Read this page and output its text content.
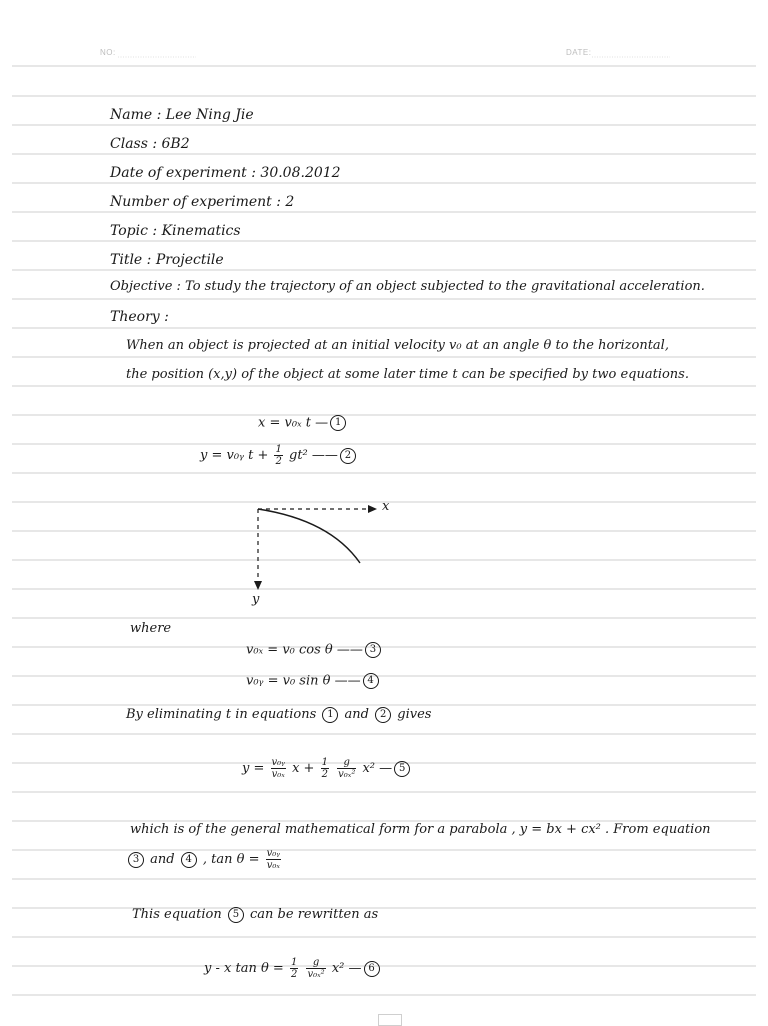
NO:	DATE:
Name : Lee Ning Jie
Class : 6B2
Date of experiment : 30.08.2012
Number of experiment : 2
Topic : Kinematics
Title : Projectile
Objective : To study the trajectory of an object subjected to the gravitational acceleration.
Theory :
When an object is projected at an initial velocity v₀ at an angle θ to the horizontal,
the position (x,y) of the object at some later time t can be specified by two equations.
x = v₀ₓ t — 1
y = v₀ᵧ $t + \frac{1}{2} gt^2$ —— 2
x
y
where
v₀ₓ = v₀ cos θ —— 3
v₀ᵧ = v₀ sin θ —— 4
By eliminating t in equations 1 and 2 gives
$y = \frac{\text{v₀ᵧ}}{\text{v₀ₓ}}$ $x + \frac{1}{2}$
$\frac{g}{\text{v₀ₓ²}} x^2$ — 5
which is of the general mathematical form for a parabola , y = bx + cx² . From equation
3 and 4 , $\tan \theta = \frac{\text{v₀ᵧ}}{\text{v₀ₓ}}$
This equation 5 can be rewritten as
y - x $\tan \theta = \frac{1}{2}$
$\frac{g}{\text{v₀ₓ²}} x^2$ — 6
